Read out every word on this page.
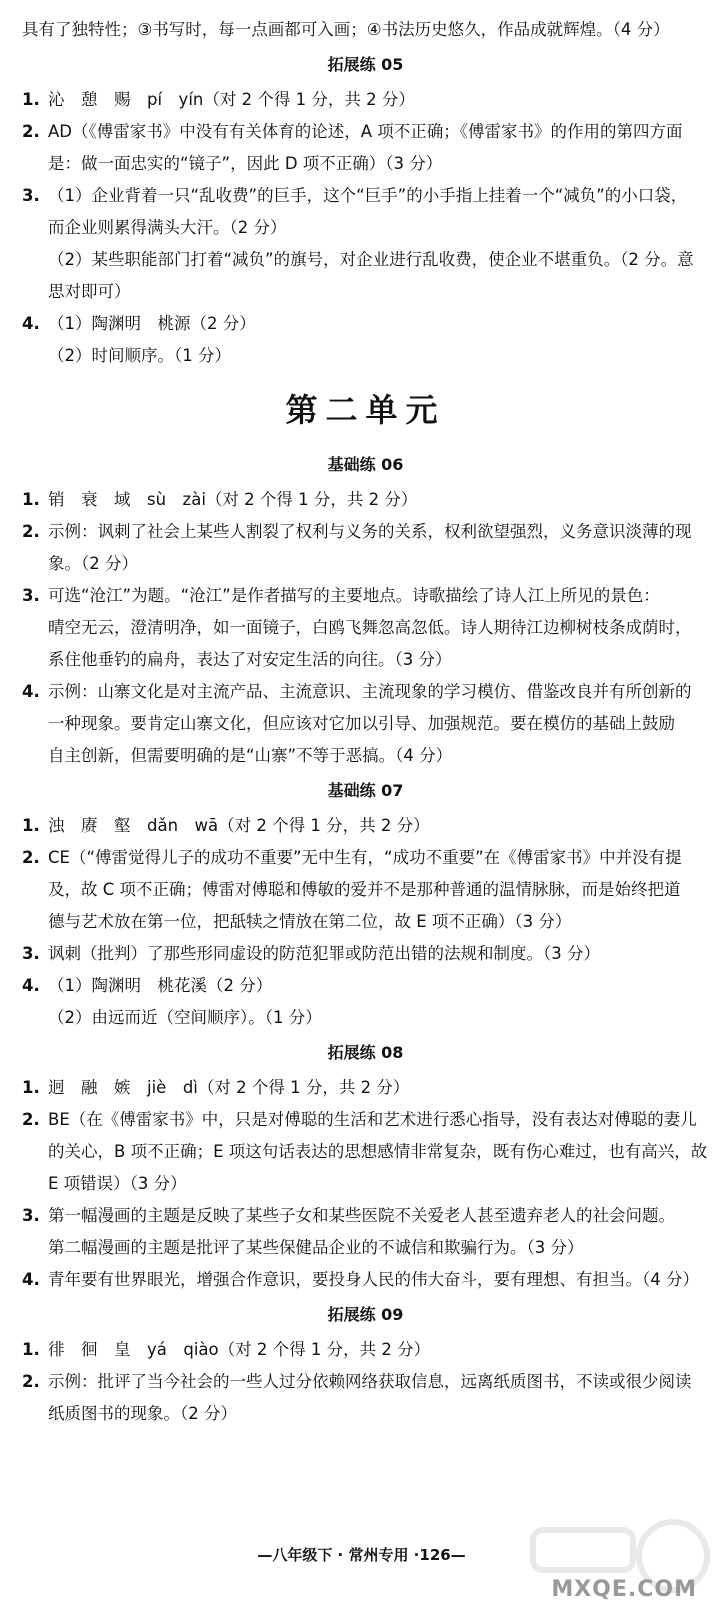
具有了独特性；③书写时，每一点画都可入画；④书法历史悠久，作品成就辉煌。（4 分）
拓展练 05
1. 沁　憩　赐　pí　yín（对 2 个得 1 分，共 2 分）
2. AD（《傅雷家书》中没有有关体育的论述，A 项不正确；《傅雷家书》的作用的第四方面
是：做一面忠实的“镜子”，因此 D 项不正确）（3 分）
3. （1）企业背着一只“乱收费”的巨手，这个“巨手”的小手指上挂着一个“减负”的小口袋，
而企业则累得满头大汗。（2 分）
（2）某些职能部门打着“减负”的旗号，对企业进行乱收费，使企业不堪重负。（2 分。意
思对即可）
4. （1）陶渊明　桃源（2 分）
（2）时间顺序。（1 分）
第二单元
基础练 06
1. 销　衰　域　sù　zài（对 2 个得 1 分，共 2 分）
2. 示例：讽刺了社会上某些人割裂了权利与义务的关系，权利欲望强烈，义务意识淡薄的现
象。（2 分）
3. 可选“沧江”为题。“沧江”是作者描写的主要地点。诗歌描绘了诗人江上所见的景色：
晴空无云，澄清明净，如一面镜子，白鸥飞舞忽高忽低。诗人期待江边柳树枝条成荫时，
系住他垂钓的扁舟，表达了对安定生活的向往。（3 分）
4. 示例：山寨文化是对主流产品、主流意识、主流现象的学习模仿、借鉴改良并有所创新的
一种现象。要肯定山寨文化，但应该对它加以引导、加强规范。要在模仿的基础上鼓励
自主创新，但需要明确的是“山寨”不等于恶搞。（4 分）
基础练 07
1. 浊　赓　壑　dǎn　wā（对 2 个得 1 分，共 2 分）
2. CE（“傅雷觉得儿子的成功不重要”无中生有，“成功不重要”在《傅雷家书》中并没有提
及，故 C 项不正确；傅雷对傅聪和傅敏的爱并不是那种普通的温情脉脉，而是始终把道
德与艺术放在第一位，把舐犊之情放在第二位，故 E 项不正确）（3 分）
3. 讽刺（批判）了那些形同虚设的防范犯罪或防范出错的法规和制度。（3 分）
4. （1）陶渊明　桃花溪（2 分）
（2）由远而近（空间顺序）。（1 分）
拓展练 08
1. 迥　融　嫉　jiè　dì（对 2 个得 1 分，共 2 分）
2. BE（在《傅雷家书》中，只是对傅聪的生活和艺术进行悉心指导，没有表达对傅聪的妻儿
的关心，B 项不正确；E 项这句话表达的思想感情非常复杂，既有伤心难过，也有高兴，故
E 项错误）（3 分）
3. 第一幅漫画的主题是反映了某些子女和某些医院不关爱老人甚至遗弃老人的社会问题。
第二幅漫画的主题是批评了某些保健品企业的不诚信和欺骗行为。（3 分）
4. 青年要有世界眼光，增强合作意识，要投身人民的伟大奋斗，要有理想、有担当。（4 分）
拓展练 09
1. 徘　徊　皇　yá　qiào（对 2 个得 1 分，共 2 分）
2. 示例：批评了当今社会的一些人过分依赖网络获取信息，远离纸质图书，不读或很少阅读
纸质图书的现象。（2 分）
—八年级下 · 常州专用 ·126—
MXQE.COM
